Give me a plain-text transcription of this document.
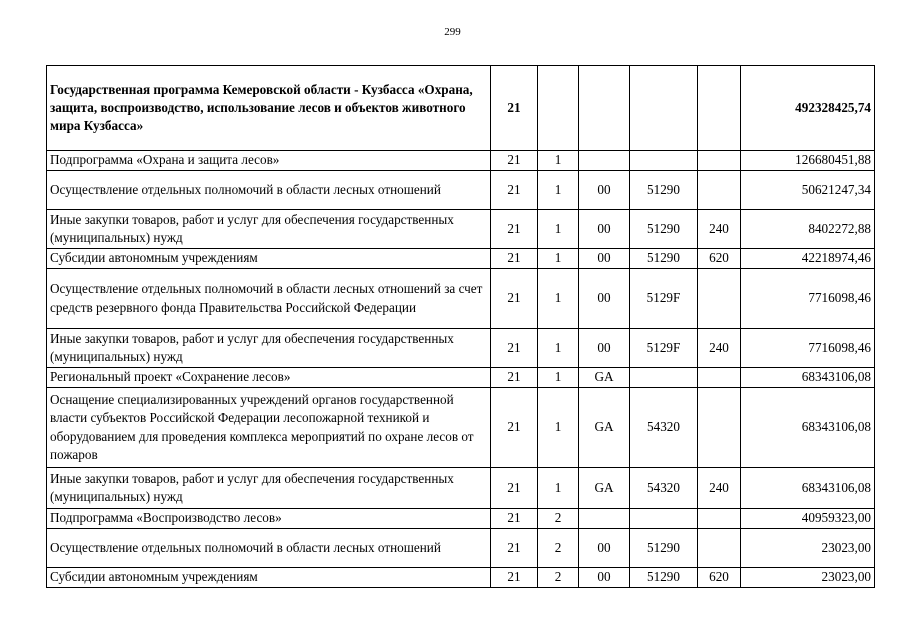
299
Государственная программа Кемеровской области - Кузбасса «Охрана, защита, воспроизводство, использование лесов и объектов животного мира Кузбасса»	21					492328425,74
Подпрограмма «Охрана и защита лесов»	21	1				126680451,88
Осуществление отдельных полномочий в области лесных отношений	21	1	00	51290		50621247,34
Иные закупки товаров, работ и услуг для обеспечения государственных (муниципальных) нужд	21	1	00	51290	240	8402272,88
Субсидии автономным учреждениям	21	1	00	51290	620	42218974,46
Осуществление отдельных полномочий в области лесных отношений за счет средств резервного фонда Правительства Российской Федерации	21	1	00	5129F		7716098,46
Иные закупки товаров, работ и услуг для обеспечения государственных (муниципальных) нужд	21	1	00	5129F	240	7716098,46
Региональный проект «Сохранение лесов»	21	1	GA			68343106,08
Оснащение специализированных учреждений органов государственной власти субъектов Российской Федерации лесопожарной техникой и оборудованием для проведения комплекса мероприятий по охране лесов от пожаров	21	1	GA	54320		68343106,08
Иные закупки товаров, работ и услуг для обеспечения государственных (муниципальных) нужд	21	1	GA	54320	240	68343106,08
Подпрограмма «Воспроизводство лесов»	21	2				40959323,00
Осуществление отдельных полномочий в области лесных отношений	21	2	00	51290		23023,00
Субсидии автономным учреждениям	21	2	00	51290	620	23023,00
